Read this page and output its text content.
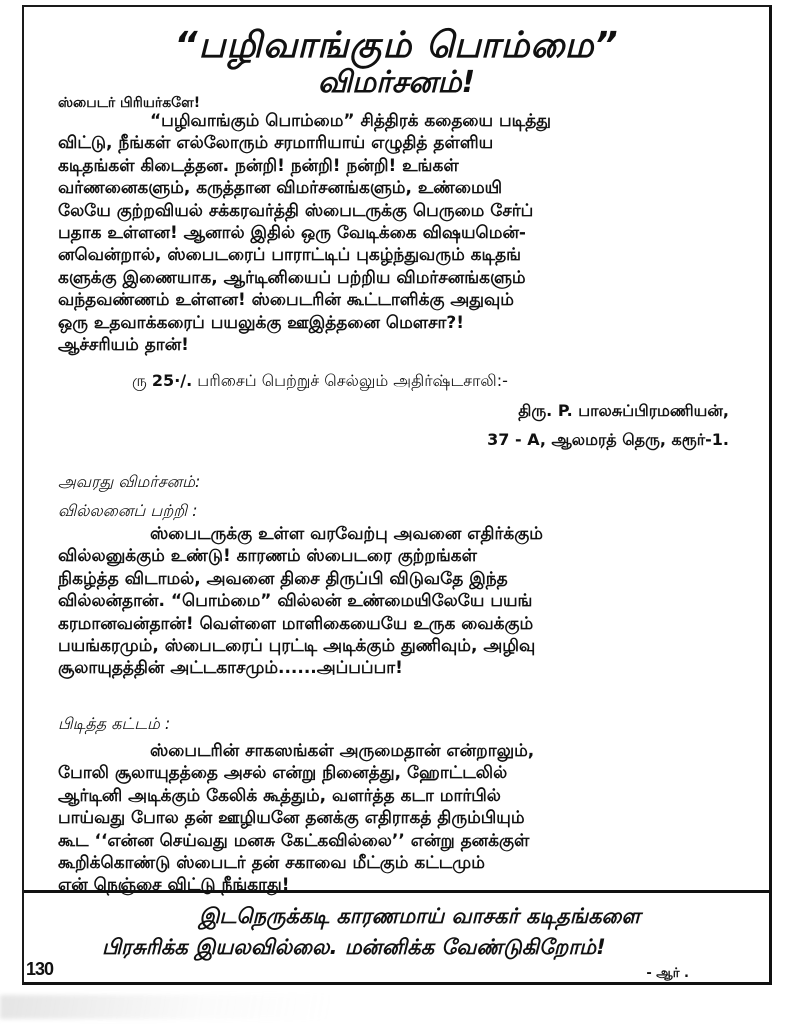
“பழிவாங்கும் பொம்மை”
விமர்சனம்!
ஸ்பைடர் பிரியர்களே!
“பழிவாங்கும் பொம்மை” சித்திரக் கதையை படித்து
விட்டு, நீங்கள் எல்லோரும் சரமாரியாய் எழுதித் தள்ளிய
கடிதங்கள் கிடைத்தன. நன்றி! நன்றி! நன்றி! உங்கள்
வர்ணனைகளும், கருத்தான விமர்சனங்களும், உண்மையி
லேயே குற்றவியல் சக்கரவர்த்தி ஸ்பைடருக்கு பெருமை சேர்ப்
பதாக உள்ளன! ஆனால் இதில் ஒரு வேடிக்கை விஷயமென்-
னவென்றால், ஸ்பைடரைப் பாராட்டிப் புகழ்ந்துவரும் கடிதங்
களுக்கு இணையாக, ஆர்டினியைப் பற்றிய விமர்சனங்களும்
வந்தவண்ணம் உள்ளன! ஸ்பைடரின் கூட்டாளிக்கு அதுவும்
ஒரு உதவாக்கரைப் பயலுக்கு ஊஇத்தனை மௌசா?!
ஆச்சரியம் தான்!
ரு 25·/. பரிசைப் பெற்றுச் செல்லும் அதிர்ஷ்டசாலி:-
திரு. P. பாலசுப்பிரமணியன்,
37 - A, ஆலமரத் தெரு, கரூர்-1.
அவரது விமர்சனம்:
வில்லனைப் பற்றி :
ஸ்பைடருக்கு உள்ள வரவேற்பு அவனை எதிர்க்கும்
வில்லனுக்கும் உண்டு! காரணம் ஸ்பைடரை குற்றங்கள்
நிகழ்த்த விடாமல், அவனை திசை திருப்பி விடுவதே இந்த
வில்லன்தான். “பொம்மை” வில்லன் உண்மையிலேயே பயங்
கரமானவன்தான்! வெள்ளை மாளிகையையே உருக வைக்கும்
பயங்கரமும், ஸ்பைடரைப் புரட்டி அடிக்கும் துணிவும், அழிவு
சூலாயுதத்தின் அட்டகாசமும்......அப்பப்பா!
பிடித்த கட்டம் :
ஸ்பைடரின் சாகஸங்கள் அருமைதான் என்றாலும்,
போலி சூலாயுதத்தை அசல் என்று நினைத்து, ஹோட்டலில்
ஆர்டினி அடிக்கும் கேலிக் கூத்தும், வளர்த்த கடா மார்பில்
பாய்வது போல தன் ஊழியனே தனக்கு எதிராகத் திரும்பியும்
கூட ‘‘என்ன செய்வது மனசு கேட்கவில்லை’’ என்று தனக்குள்
கூறிக்கொண்டு ஸ்பைடர் தன் சகாவை மீட்கும் கட்டமும்
என் நெஞ்சை விட்டு நீங்காது!
இடநெருக்கடி காரணமாய் வாசகர் கடிதங்களை
பிரசுரிக்க இயலவில்லை. மன்னிக்க வேண்டுகிறோம்!
130	- ஆர் .
